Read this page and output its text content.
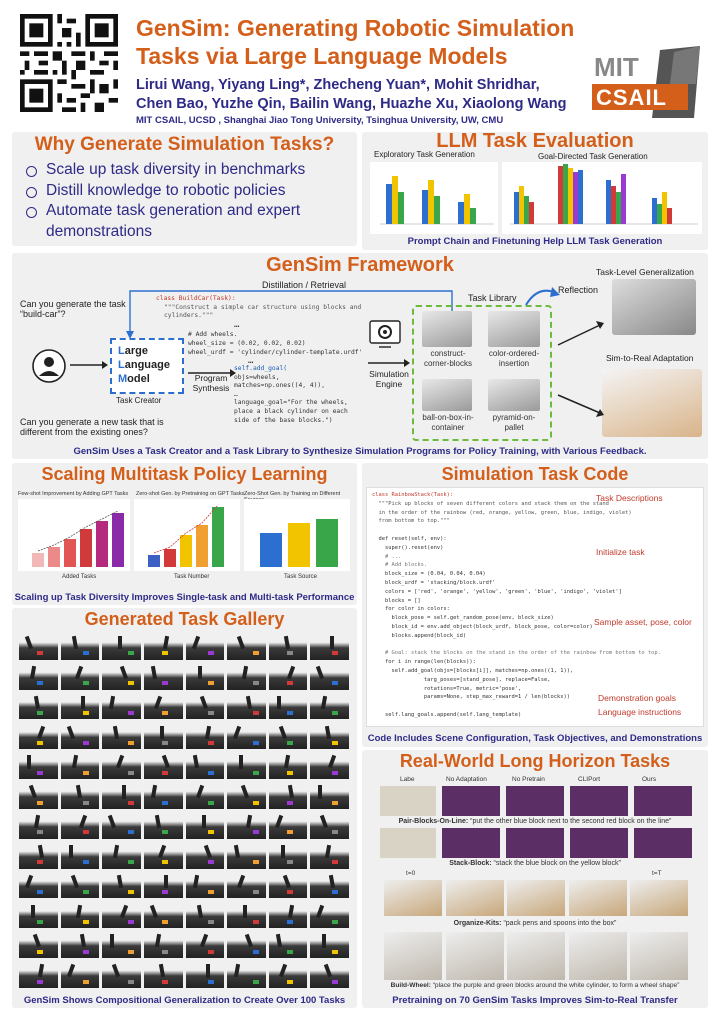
GenSim: Generating Robotic Simulation
Tasks via Large Language Models
Lirui Wang, Yiyang Ling*, Zhecheng Yuan*, Mohit Shridhar,
Chen Bao, Yuzhe Qin, Bailin Wang, Huazhe Xu, Xiaolong Wang
MIT CSAIL, UCSD , Shanghai Jiao Tong University, Tsinghua University, UW, CMU
MIT
CSAIL
Why Generate Simulation Tasks?
Scale up task diversity in benchmarks
Distill knowledge to robotic policies
Automate task generation and expert demonstrations
LLM Task Evaluation
Exploratory Task Generation	Goal-Directed Task Generation
Prompt Chain and Finetuning Help LLM Task Generation
GenSim Framework
Can you generate the task “build-car”?
Can you generate a new task that is different from the existing ones?
Large
Language
Model
Task Creator
Distillation / Retrieval
class BuildCar(Task):
"""Construct a simple car structure using blocks and cylinders."""
…
# Add wheels.
wheel_size = (0.02, 0.02, 0.02)
wheel_urdf = 'cylinder/cylinder-template.urdf'
…
self.add_goal(
objs=wheels,
matches=np.ones((4, 4)),
…
language_goal="For the wheels,
place a black cylinder on each
side of the base blocks.")
Program Synthesis
Simulation Engine
Task Library
construct-corner-blocks
color-ordered-insertion
ball-on-box-in-container
pyramid-on-pallet
Reflection
Task-Level Generalization
Sim-to-Real Adaptation
GenSim Uses a Task Creator and a Task Library to Synthesize Simulation Programs for Policy Training, with Various Feedback.
Scaling Multitask Policy Learning
Few-shot Improvement by Adding GPT Tasks Zero-shot Gen. by Pretraining on GPT Tasks Zero-Shot Gen. by Training on Different
Added Tasks	Task Number	Task Source
Scaling up Task Diversity Improves Single-task and Multi-task Performance
Generated Task Gallery
GenSim Shows Compositional Generalization to Create Over 100 Tasks
Simulation Task Code
class RainbowStack(Task):
"""Pick up blocks of seven different colors and stack them on the stand
in the order of the rainbow (red, orange, yellow, green, blue, indigo, violet)
from bottom to top."""
def reset(self, env):
super().reset(env)
# ...
# Add blocks.
block_size = (0.04, 0.04, 0.04)
block_urdf = 'stacking/block.urdf'
colors = ['red', 'orange', 'yellow', 'green', 'blue', 'indigo', 'violet']
blocks = []
for color in colors:
block_pose = self.get_random_pose(env, block_size)
block_id = env.add_object(block_urdf, block_pose, color=color)
blocks.append(block_id)
# Goal: stack the blocks on the stand in the order of the rainbow from bottom to top.
for i in range(len(blocks)):
self.add_goal(objs=[blocks[i]], matches=np.ones((1, 1)),
targ_poses=[stand_pose], replace=False,
rotations=True, metric='pose',
params=None, step_max_reward=1 / len(blocks))
self.lang_goals.append(self.lang_template)
Task Descriptions
Initialize task
Sample asset, pose, color
Demonstration goals
Language instructions
Code Includes Scene Configuration, Task Objectives, and Demonstrations
Real-World Long Horizon Tasks
Labe	No Adaptation	No Pretrain	CLIPort	Ours
Pair-Blocks-On-Line: “put the other blue block next to the second red block on the line”
Stack-Block: “stack the blue block on the yellow block”
t=0	t=T
Organize-Kits: “pack pens and spoons into the box”
Build-Wheel: “place the purple and green blocks around the white cylinder, to form a wheel shape”
Pretraining on 70 GenSim Tasks Improves Sim-to-Real Transfer
